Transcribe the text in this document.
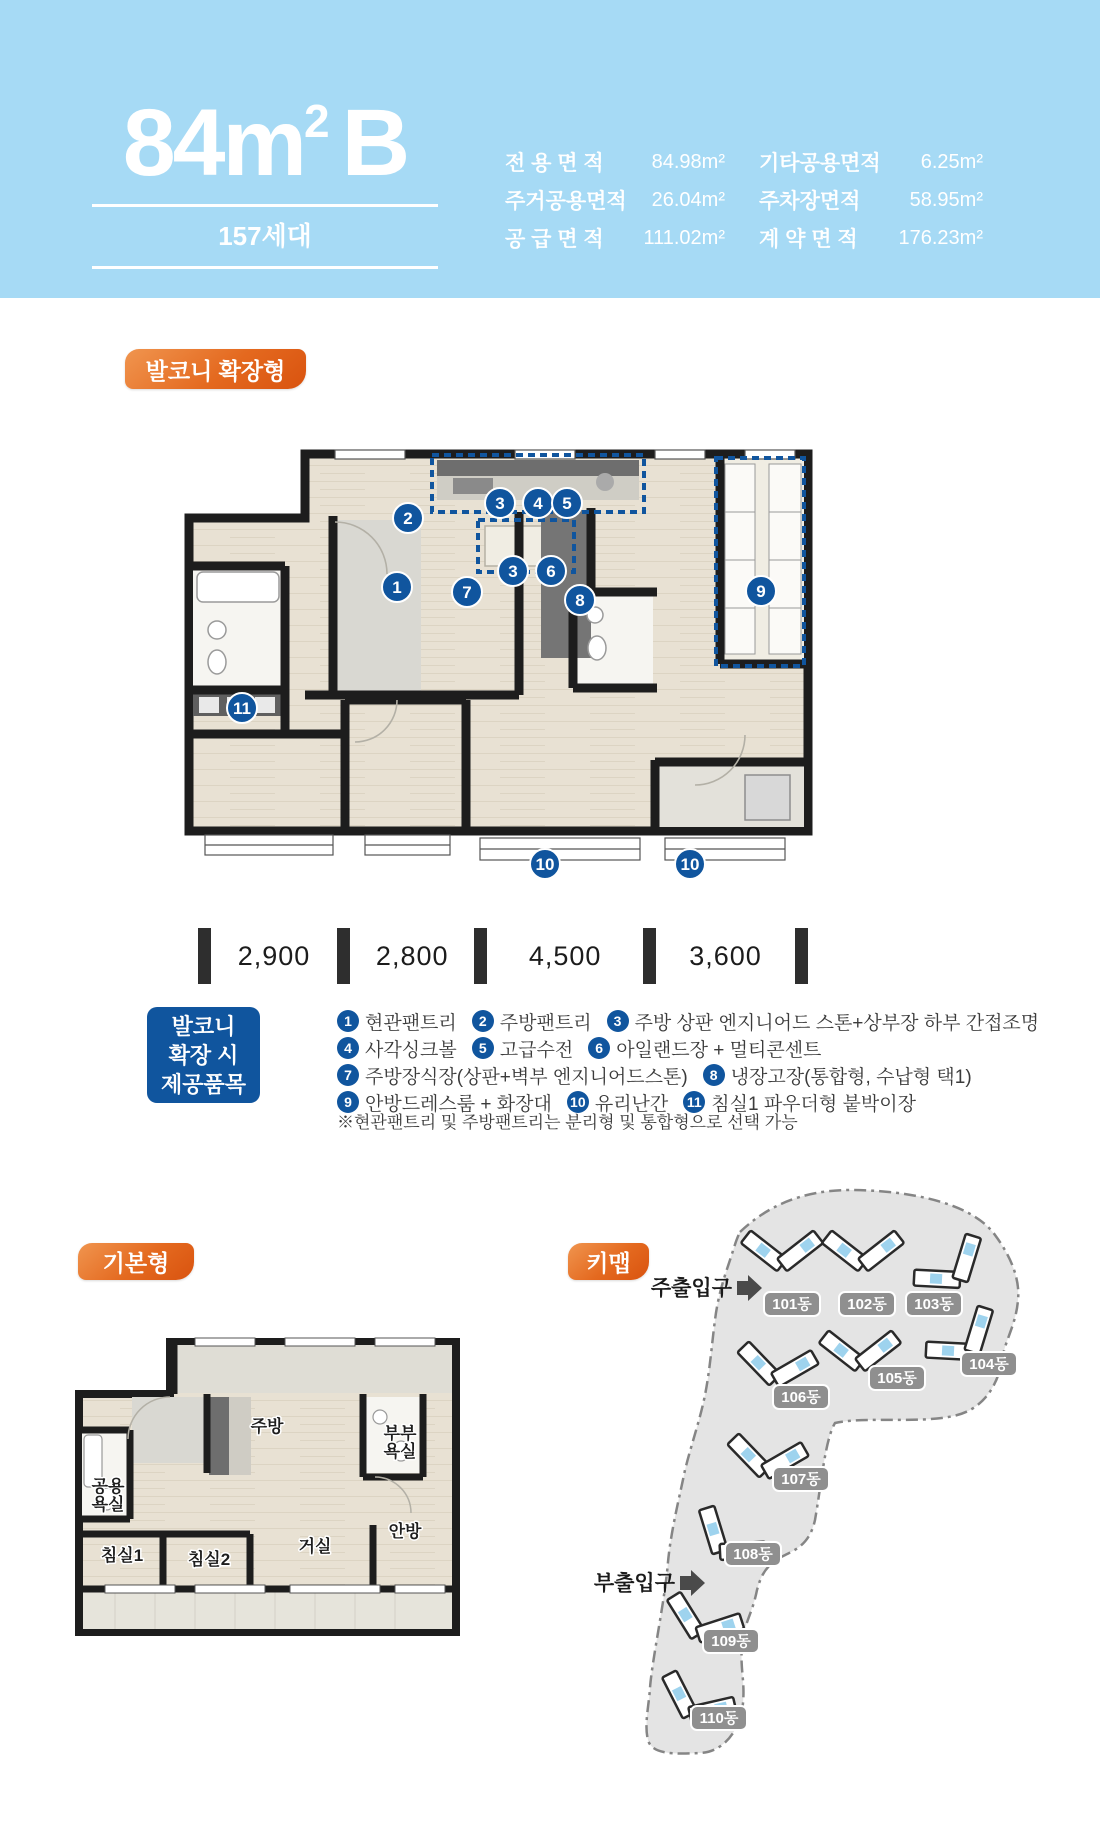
$84m^2$ B
157세대
전 용 면 적	84.98m² 기타공용면적	6.25m²
주거공용면적	26.04m² 주차장면적	58.95m²
공 급 면 적	111.02m² 계 약 면 적	176.23m²
발코니 확장형
1
2
3 4 5
3 6
7	8	9
10	10
11
2,900	2,800	4,500	3,600
발코니
확장 시
제공품목
1 현관팬트리	2 주방팬트리	3 주방 상판 엔지니어드 스톤+상부장 하부 간접조명
4 사각싱크볼	5 고급수전	6 아일랜드장 + 멀티콘센트
7 주방장식장(상판+벽부 엔지니어드스톤)	8 냉장고장(통합형, 수납형 택1)
9 안방드레스룸 + 화장대 10 유리난간 11 침실1 파우더형 붙박이장
※현관팬트리 및 주방팬트리는 분리형 및 통합형으로 선택 가능
기본형
주방	부부 욕실
공용 욕실
침실1	침실2
거실
안방
키맵
101동 102동 103동
104동
105동
106동
107동
108동
109동
110동
주출입구
부출입구
